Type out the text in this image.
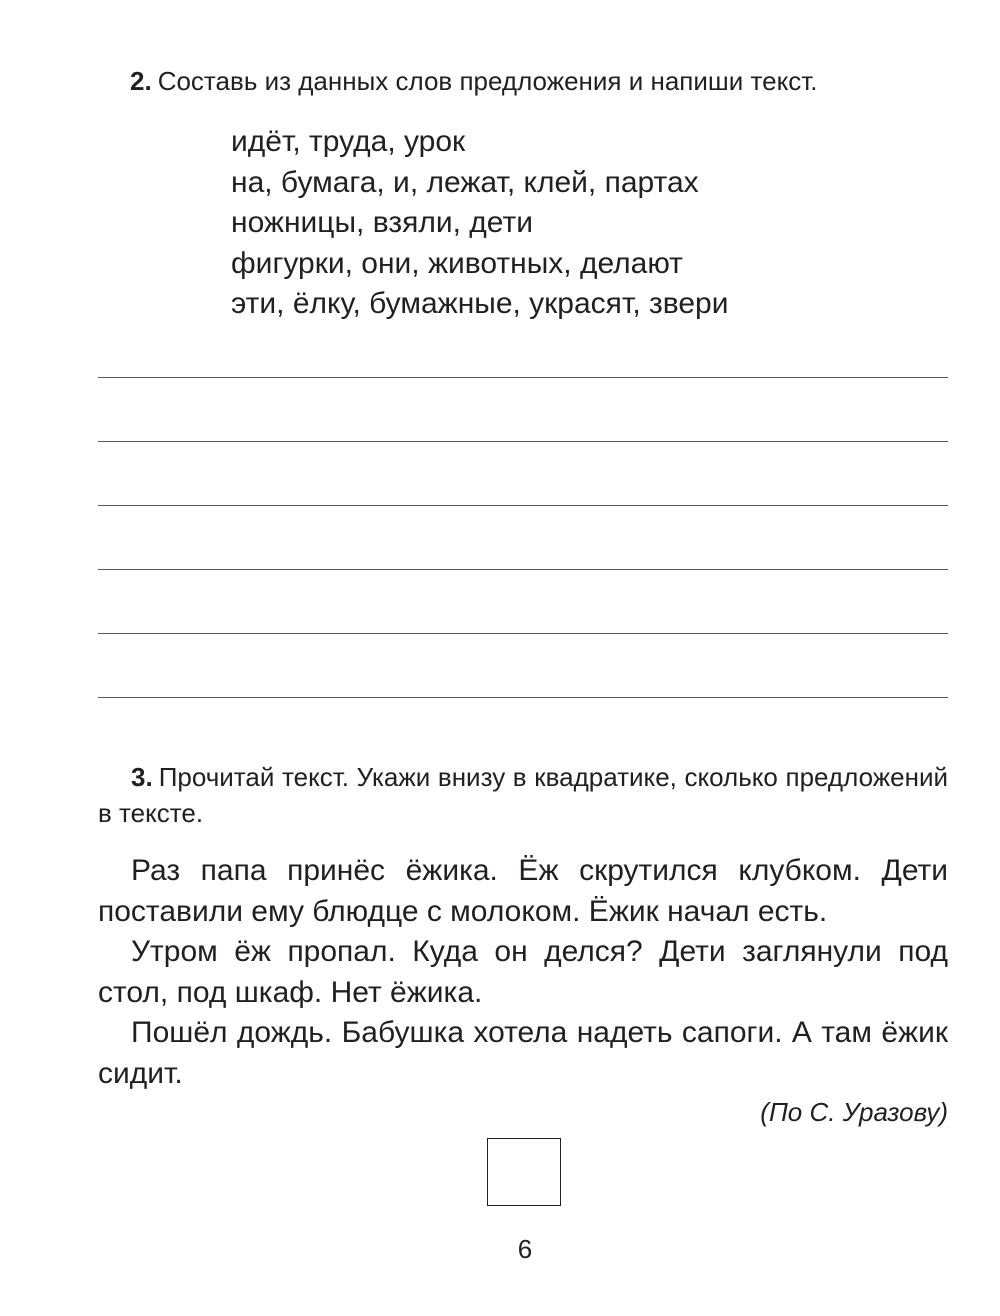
2. Составь из данных слов предложения и напиши текст.
идёт, труда, урок
на, бумага, и, лежат, клей, партах
ножницы, взяли, дети
фигурки, они, животных, делают
эти, ёлку, бумажные, украсят, звери
3. Прочитай текст. Укажи внизу в квадратике, сколько предложений в тексте.

Раз папа принёс ёжика. Ёж скрутился клубком. Дети поставили ему блюдце с молоком. Ёжик начал есть.

Утром ёж пропал. Куда он делся? Дети заглянули под стол, под шкаф. Нет ёжика.

Пошёл дождь. Бабушка хотела надеть сапоги. А там ёжик сидит.

(По С. Уразову)
6
